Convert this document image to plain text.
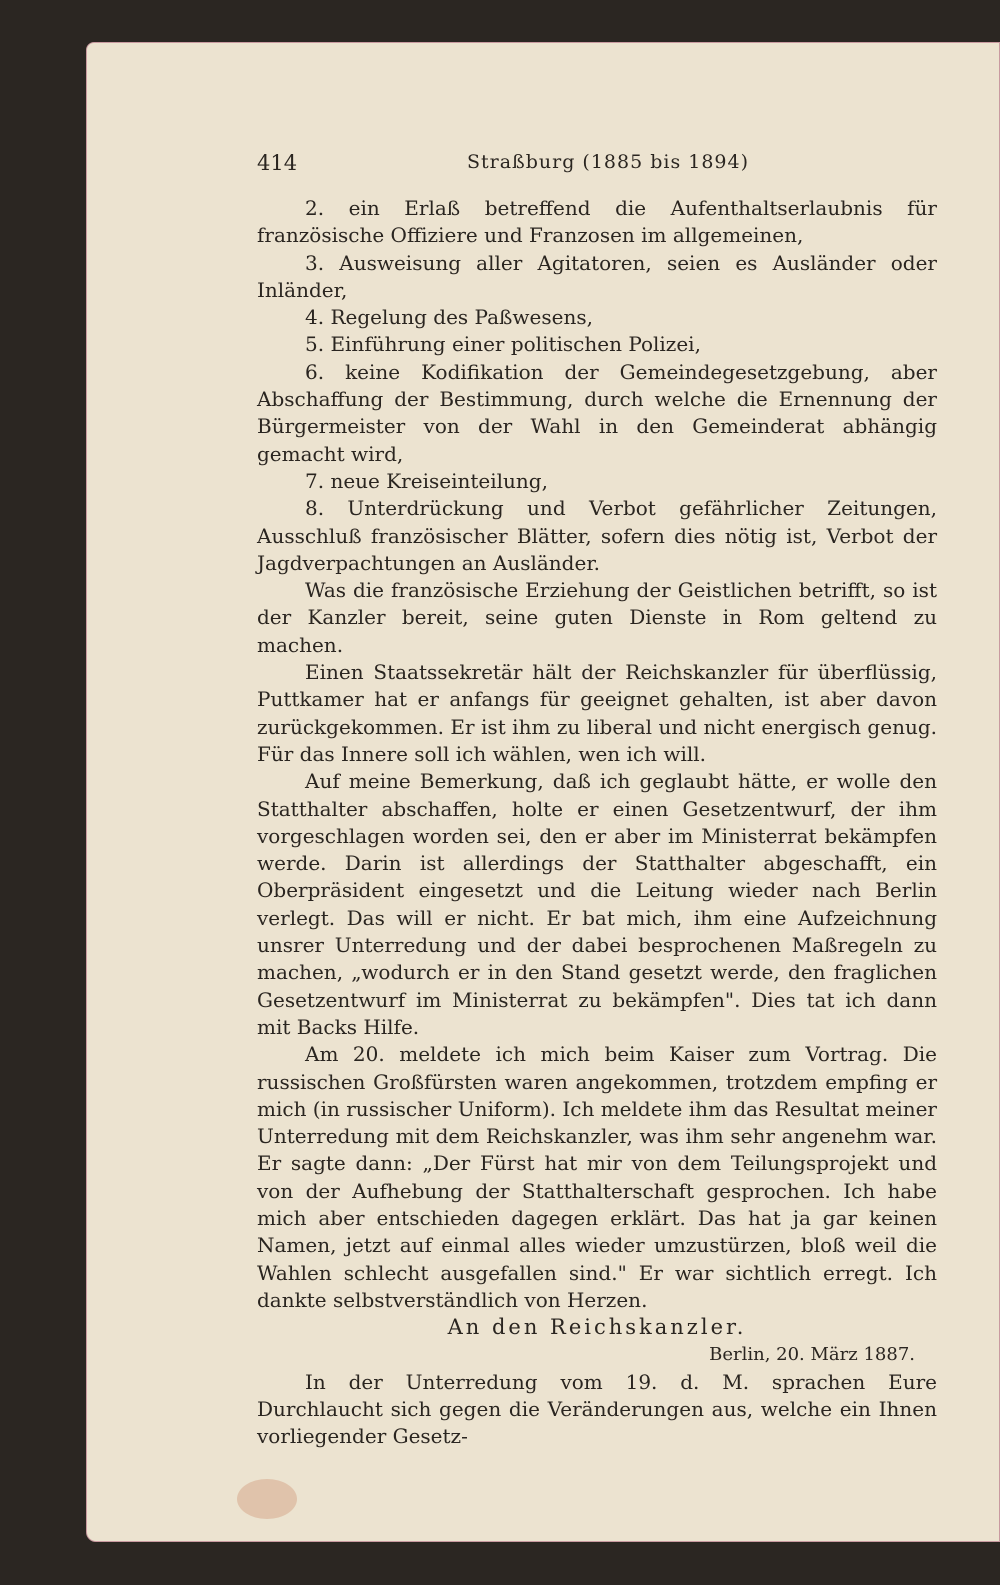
414	Straßburg (1885 bis 1894)

2. ein Erlaß betreffend die Aufenthaltserlaubnis für französische Offiziere und Franzosen im allgemeinen,

3. Ausweisung aller Agitatoren, seien es Ausländer oder Inländer,

4. Regelung des Paßwesens,

5. Einführung einer politischen Polizei,

6. keine Kodifikation der Gemeindegesetzgebung, aber Abschaffung der Bestimmung, durch welche die Ernennung der Bürgermeister von der Wahl in den Gemeinderat abhängig gemacht wird,

7. neue Kreiseinteilung,

8. Unterdrückung und Verbot gefährlicher Zeitungen, Ausschluß französischer Blätter, sofern dies nötig ist, Verbot der Jagdverpachtungen an Ausländer.

Was die französische Erziehung der Geistlichen betrifft, so ist der Kanzler bereit, seine guten Dienste in Rom geltend zu machen.

Einen Staatssekretär hält der Reichskanzler für überflüssig, Puttkamer hat er anfangs für geeignet gehalten, ist aber davon zurückgekommen. Er ist ihm zu liberal und nicht energisch genug. Für das Innere soll ich wählen, wen ich will.

Auf meine Bemerkung, daß ich geglaubt hätte, er wolle den Statthalter abschaffen, holte er einen Gesetzentwurf, der ihm vorgeschlagen worden sei, den er aber im Ministerrat bekämpfen werde. Darin ist allerdings der Statthalter abgeschafft, ein Oberpräsident eingesetzt und die Leitung wieder nach Berlin verlegt. Das will er nicht. Er bat mich, ihm eine Aufzeichnung unsrer Unterredung und der dabei besprochenen Maßregeln zu machen, „wodurch er in den Stand gesetzt werde, den fraglichen Gesetzentwurf im Ministerrat zu bekämpfen". Dies tat ich dann mit Backs Hilfe.

Am 20. meldete ich mich beim Kaiser zum Vortrag. Die russischen Großfürsten waren angekommen, trotzdem empfing er mich (in russischer Uniform). Ich meldete ihm das Resultat meiner Unterredung mit dem Reichskanzler, was ihm sehr angenehm war. Er sagte dann: „Der Fürst hat mir von dem Teilungsprojekt und von der Aufhebung der Statthalterschaft gesprochen. Ich habe mich aber entschieden dagegen erklärt. Das hat ja gar keinen Namen, jetzt auf einmal alles wieder umzustürzen, bloß weil die Wahlen schlecht ausgefallen sind." Er war sichtlich erregt. Ich dankte selbstverständlich von Herzen.

An den Reichskanzler.

Berlin, 20. März 1887.

In der Unterredung vom 19. d. M. sprachen Eure Durchlaucht sich gegen die Veränderungen aus, welche ein Ihnen vorliegender Gesetz-
